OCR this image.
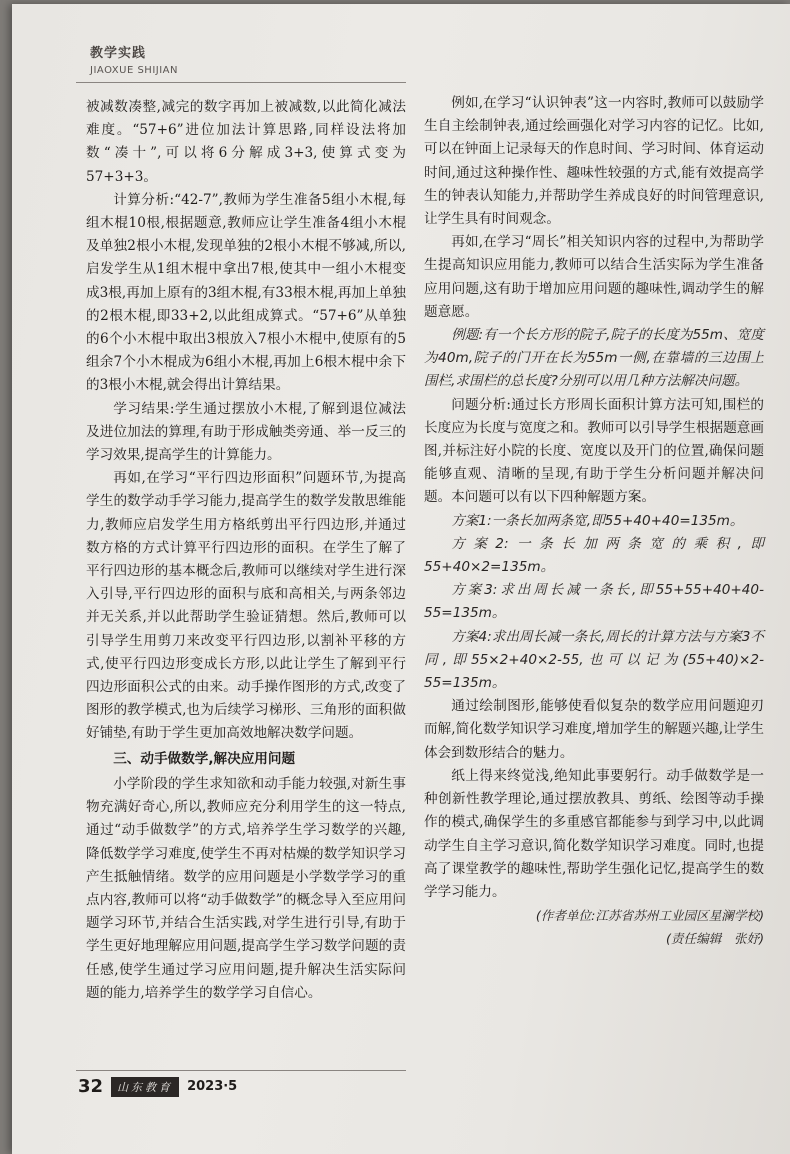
教学实践
JIAOXUE SHIJIAN

被减数凑整,减完的数字再加上被减数,以此简化减法难度。“57+6”进位加法计算思路,同样设法将加数“凑十”,可以将6分解成3+3,使算式变为57+3+3。

计算分析:“42-7”,教师为学生准备5组小木棍,每组木棍10根,根据题意,教师应让学生准备4组小木棍及单独2根小木棍,发现单独的2根小木棍不够减,所以,启发学生从1组木棍中拿出7根,使其中一组小木棍变成3根,再加上原有的3组木棍,有33根木棍,再加上单独的2根木棍,即33+2,以此组成算式。“57+6”从单独的6个小木棍中取出3根放入7根小木棍中,使原有的5组余7个小木棍成为6组小木棍,再加上6根木棍中余下的3根小木棍,就会得出计算结果。

学习结果:学生通过摆放小木棍,了解到退位减法及进位加法的算理,有助于形成触类旁通、举一反三的学习效果,提高学生的计算能力。

再如,在学习“平行四边形面积”问题环节,为提高学生的数学动手学习能力,提高学生的数学发散思维能力,教师应启发学生用方格纸剪出平行四边形,并通过数方格的方式计算平行四边形的面积。在学生了解了平行四边形的基本概念后,教师可以继续对学生进行深入引导,平行四边形的面积与底和高相关,与两条邻边并无关系,并以此帮助学生验证猜想。然后,教师可以引导学生用剪刀来改变平行四边形,以割补平移的方式,使平行四边形变成长方形,以此让学生了解到平行四边形面积公式的由来。动手操作图形的方式,改变了图形的教学模式,也为后续学习梯形、三角形的面积做好铺垫,有助于学生更加高效地解决数学问题。

三、动手做数学,解决应用问题

小学阶段的学生求知欲和动手能力较强,对新生事物充满好奇心,所以,教师应充分利用学生的这一特点,通过“动手做数学”的方式,培养学生学习数学的兴趣,降低数学学习难度,使学生不再对枯燥的数学知识学习产生抵触情绪。数学的应用问题是小学数学学习的重点内容,教师可以将“动手做数学”的概念导入至应用问题学习环节,并结合生活实践,对学生进行引导,有助于学生更好地理解应用问题,提高学生学习数学问题的责任感,使学生通过学习应用问题,提升解决生活实际问题的能力,培养学生的数学学习自信心。

例如,在学习“认识钟表”这一内容时,教师可以鼓励学生自主绘制钟表,通过绘画强化对学习内容的记忆。比如,可以在钟面上记录每天的作息时间、学习时间、体育运动时间,通过这种操作性、趣味性较强的方式,能有效提高学生的钟表认知能力,并帮助学生养成良好的时间管理意识,让学生具有时间观念。

再如,在学习“周长”相关知识内容的过程中,为帮助学生提高知识应用能力,教师可以结合生活实际为学生准备应用问题,这有助于增加应用问题的趣味性,调动学生的解题意愿。

例题:有一个长方形的院子,院子的长度为55m、宽度为40m,院子的门开在长为55m一侧,在靠墙的三边围上围栏,求围栏的总长度?分别可以用几种方法解决问题。

问题分析:通过长方形周长面积计算方法可知,围栏的长度应为长度与宽度之和。教师可以引导学生根据题意画图,并标注好小院的长度、宽度以及开门的位置,确保问题能够直观、清晰的呈现,有助于学生分析问题并解决问题。本问题可以有以下四种解题方案。

方案1:一条长加两条宽,即55+40+40=135m。

方案2:一条长加两条宽的乘积,即55+40×2=135m。

方案3:求出周长减一条长,即55+55+40+40-55=135m。

方案4:求出周长减一条长,周长的计算方法与方案3不同,即55×2+40×2-55,也可以记为(55+40)×2-55=135m。

通过绘制图形,能够使看似复杂的数学应用问题迎刃而解,简化数学知识学习难度,增加学生的解题兴趣,让学生体会到数形结合的魅力。

纸上得来终觉浅,绝知此事要躬行。动手做数学是一种创新性教学理论,通过摆放教具、剪纸、绘图等动手操作的模式,确保学生的多重感官都能参与到学习中,以此调动学生自主学习意识,简化数学知识学习难度。同时,也提高了课堂教学的趣味性,帮助学生强化记忆,提高学生的数学学习能力。

(作者单位:江苏省苏州工业园区星澜学校)

(责任编辑　张妤)

32	山东教育	2023·5
